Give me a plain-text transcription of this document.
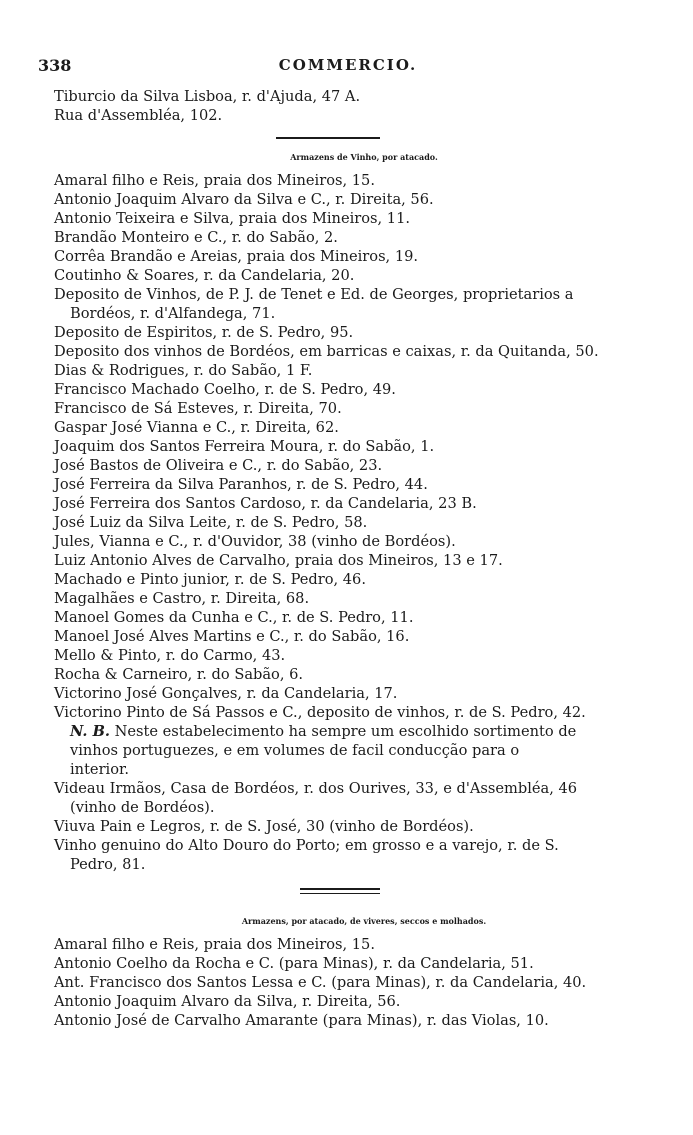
338	COMMERCIO.
Tiburcio da Silva Lisboa, r. d'Ajuda, 47 A.
Rua d'Assembléa, 102.
Armazens de Vinho, por atacado.
Amaral filho e Reis, praia dos Mineiros, 15.
Antonio Joaquim Alvaro da Silva e C., r. Direita, 56.
Antonio Teixeira e Silva, praia dos Mineiros, 11.
Brandão Monteiro e C., r. do Sabão, 2.
Corrêa Brandão e Areias, praia dos Mineiros, 19.
Coutinho & Soares, r. da Candelaria, 20.
Deposito de Vinhos, de P. J. de Tenet e Ed. de Georges, proprietarios a
Bordéos, r. d'Alfandega, 71.
Deposito de Espiritos, r. de S. Pedro, 95.
Deposito dos vinhos de Bordéos, em barricas e caixas, r. da Quitanda, 50.
Dias & Rodrigues, r. do Sabão, 1 F.
Francisco Machado Coelho, r. de S. Pedro, 49.
Francisco de Sá Esteves, r. Direita, 70.
Gaspar José Vianna e C., r. Direita, 62.
Joaquim dos Santos Ferreira Moura, r. do Sabão, 1.
José Bastos de Oliveira e C., r. do Sabão, 23.
José Ferreira da Silva Paranhos, r. de S. Pedro, 44.
José Ferreira dos Santos Cardoso, r. da Candelaria, 23 B.
José Luiz da Silva Leite, r. de S. Pedro, 58.
Jules, Vianna e C., r. d'Ouvidor, 38 (vinho de Bordéos).
Luiz Antonio Alves de Carvalho, praia dos Mineiros, 13 e 17.
Machado e Pinto junior, r. de S. Pedro, 46.
Magalhães e Castro, r. Direita, 68.
Manoel Gomes da Cunha e C., r. de S. Pedro, 11.
Manoel José Alves Martins e C., r. do Sabão, 16.
Mello & Pinto, r. do Carmo, 43.
Rocha & Carneiro, r. do Sabão, 6.
Victorino José Gonçalves, r. da Candelaria, 17.
Victorino Pinto de Sá Passos e C., deposito de vinhos, r. de S. Pedro, 42.
N. B. Neste estabelecimento ha sempre um escolhido sortimento de
vinhos portuguezes, e em volumes de facil conducção para o
interior.
Videau Irmãos, Casa de Bordéos, r. dos Ourives, 33, e d'Assembléa, 46
(vinho de Bordéos).
Viuva Pain e Legros, r. de S. José, 30 (vinho de Bordéos).
Vinho genuino do Alto Douro do Porto; em grosso e a varejo, r. de S.
Pedro, 81.
Armazens, por atacado, de viveres, seccos e molhados.
Amaral filho e Reis, praia dos Mineiros, 15.
Antonio Coelho da Rocha e C. (para Minas), r. da Candelaria, 51.
Ant. Francisco dos Santos Lessa e C. (para Minas), r. da Candelaria, 40.
Antonio Joaquim Alvaro da Silva, r. Direita, 56.
Antonio José de Carvalho Amarante (para Minas), r. das Violas, 10.
